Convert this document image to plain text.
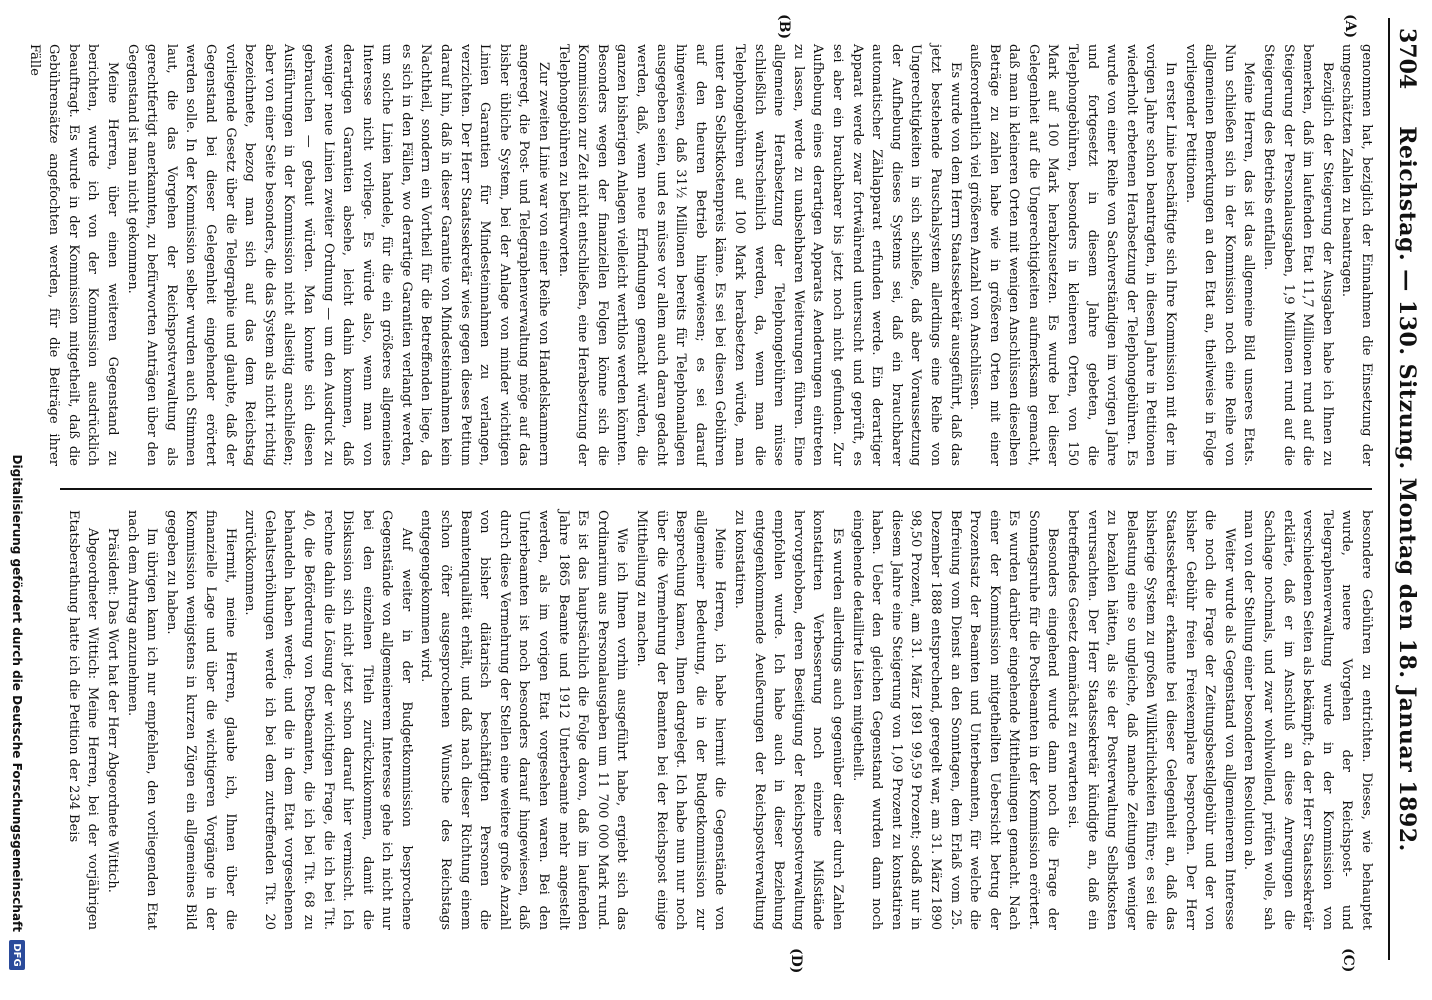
3704
Reichstag. — 130. Sitzung. Montag den 18. Januar 1892.
(A)
(B)
(C)
(D)

genommen hat, beziglich der Einnahmen die Einsetzung der umgeschätzten Zahlen zu beantragen.

Bezüglich der Steigerung der Ausgaben habe ich Ihnen zu bemerken, daß im laufenden Etat 11,7 Millionen rund auf die Steigerung der Personalausgaben, 1,9 Millionen rund auf die Steigerung des Betriebs entfallen.

Meine Herren, das ist das allgemeine Bild unseres Etats. Nun schließen sich in der Kommission noch eine Reihe von allgemeinen Bemerkungen an den Etat an, theilweise in Folge vorliegender Petitionen.

In erster Linie beschäftigte sich Ihre Kommission mit der im vorigen Jahre schon beantragten, in diesem Jahre in Petitionen wiederholt erbetenen Herabsetzung der Telephongebühren. Es wurde von einer Reihe von Sachverständigen im vorigen Jahre und fortgesetzt in diesem Jahre gebeten, die Telephongebühren, besonders in kleineren Orten, von 150 Mark auf 100 Mark herabzusetzen. Es wurde bei dieser Gelegenheit auf die Ungerechtigkeiten aufmerksam gemacht, daß man in kleineren Orten mit wenigen Anschlüssen dieselben Beträge zu zahlen habe wie in größeren Orten mit einer außerordentlich viel größeren Anzahl von Anschlüssen.

Es wurde von dem Herrn Staatssekretär ausgeführt, daß das jetzt bestehende Pauschalsystem allerdings eine Reihe von Ungerechtigkeiten in sich schließe, daß aber Voraussetzung der Aufhebung dieses Systems sei, daß ein brauchbarer automatischer Zählapparat erfunden werde. Ein derartiger Apparat werde zwar fortwährend untersucht und geprüft, es sei aber ein brauchbarer bis jetzt noch nicht gefunden. Zur Aufhebung eines derartigen Apparats Aenderungen eintreten zu lassen, werde zu unabsehbaren Weiterungen führen. Eine allgemeine Herabsetzung der Telephongebühren müsse schließlich wahrscheinlich werden, da, wenn man die Telephongebühren auf 100 Mark herabsetzen würde, man unter den Selbstkostenpreis käme. Es sei bei diesen Gebühren auf den theuren Betrieb hingewiesen; es sei darauf hingewiesen, daß 31½ Millionen bereits für Telephonanlagen ausgegeben seien, und es müsse vor allem auch daran gedacht werden, daß, wenn neue Erfindungen gemacht würden, die ganzen bisherigen Anlagen vielleicht werthlos werden könnten. Besonders wegen der finanziellen Folgen könne sich die Kommission zur Zeit nicht entschließen, eine Herabsetzung der Telephongebühren zu befürworten.

Zur zweiten Linie war von einer Reihe von Handelskammern angeregt, die Post- und Telegraphenverwaltung möge auf das bisher übliche System, bei der Anlage von minder wichtigen Linien Garantien für Mindesteinnahmen zu verlangen, verzichten. Der Herr Staatssekretär wies gegen dieses Petitum darauf hin, daß in dieser Garantie von Mindesteinnahmen kein Nachtheil, sondern ein Vortheil für die Betreffenden liege, da es sich in den Fällen, wo derartige Garantien verlangt werden, um solche Linien handele, für die ein größeres allgemeines Interesse nicht vorliege. Es würde also, wenn man von derartigen Garantien absehe, leicht dahin kommen, daß weniger neue Linien zweiter Ordnung — um den Ausdruck zu gebrauchen — gebaut würden. Man konnte sich diesen Ausführungen in der Kommission nicht allseitig anschließen; aber von einer Seite besonders, die das System als nicht richtig bezeichnete, bezog man sich auf das dem Reichstag vorliegende Gesetz über die Telegraphie und glaubte, daß der Gegenstand bei dieser Gelegenheit eingehender erörtert werden solle. In der Kommission selber wurden auch Stimmen laut, die das Vorgehen der Reichspostverwaltung als gerechtfertigt anerkannten, zu befürworten Anträgen über den Gegenstand ist man nicht gekommen.

Meine Herren, über einen weiteren Gegenstand zu berichten, wurde ich von der Kommission ausdrücklich beauftragt. Es wurde in der Kommission mitgetheilt, daß die Gebührensätze angefochten werden, für die Beiträge ihrer Fälle

besondere Gebühren zu entrichten. Dieses, wie behauptet wurde, neuere Vorgehen der Reichspost- und Telegraphenverwaltung wurde in der Kommission von verschiedenen Seiten als bekämpft; da der Herr Staatssekretär erklärte, daß er im Anschluß an diese Anregungen die Sachlage nochmals, und zwar wohlwollend, prüfen wolle, sah man von der Stellung einer besonderen Resolution ab.

Weiter wurde als Gegenstand von allgemeinerem Interesse die noch die Frage der Zeitungsbestellgebühr und der von bisher Gebühr freien Freiexemplare besprochen. Der Herr Staatssekretär erkannte bei dieser Gelegenheit an, daß das bisherige System zu großen Willkürlichkeiten führe; es sei die Belastung eine so ungleiche, daß manche Zeitungen weniger zu bezahlen hätten, als sie der Postverwaltung Selbstkosten verursachten. Der Herr Staatssekretär kündigte an, daß ein betreffendes Gesetz demnächst zu erwarten sei.

Besonders eingehend wurde dann noch die Frage der Sonntagsruhe für die Postbeamten in der Kommission erörtert. Es wurden darüber eingehende Mittheilungen gemacht. Nach einer der Kommission mitgetheilten Uebersicht betrug der Prozentsatz der Beamten und Unterbeamten, für welche die Befreiung vom Dienst an den Sonntagen, dem Erlaß vom 25. Dezember 1888 entsprechend, geregelt war, am 31. März 1890 98,50 Prozent, am 31. März 1891 99,59 Prozent; sodaß nur in diesem Jahre eine Steigerung von 1,09 Prozent zu konstatiren haben. Ueber den gleichen Gegenstand wurden dann noch eingehende detaillirte Listen mitgetheilt.

Es wurden allerdings auch gegenüber dieser durch Zahlen konstatirten Verbesserung noch einzelne Mißstände hervorgehoben, deren Beseitigung der Reichspostverwaltung empfohlen wurde. Ich habe auch in dieser Beziehung entgegenkommende Aeußerungen der Reichspostverwaltung zu konstatiren.

Meine Herren, ich habe hiermit die Gegenstände von allgemeiner Bedeutung, die in der Budgetkommission zur Besprechung kamen, Ihnen dargelegt. Ich habe nun nur noch über die Vermehrung der Beamten bei der Reichspost einige Mittheilung zu machen.

Wie ich Ihnen vorhin ausgeführt habe, ergiebt sich das Ordinarium aus Personalausgaben um 11 700 000 Mark rund. Es ist das hauptsächlich die Folge davon, daß im laufenden Jahre 1865 Beamte und 1912 Unterbeamte mehr angestellt werden, als im vorigen Etat vorgesehen waren. Bei den Unterbeamten ist noch besonders darauf hingewiesen, daß durch diese Vermehrung der Stellen eine weitere große Anzahl von bisher diätarisch beschäftigten Personen die Beamtenqualität erhält, und daß nach dieser Richtung einem schon öfter ausgesprochenen Wunsche des Reichstags entgegengekommen wird.

Auf weiter in der Budgetkommission besprochene Gegenstände von allgemeinerem Interesse gehe ich nicht nur bei den einzelnen Titeln zurückzukommen, damit die Diskussion sich nicht jetzt schon darauf hier vermischt. Ich rechne dahin die Lösung der wichtigen Frage, die ich bei Tit. 40, die Beförderung von Postbeamten, die ich bei Tit. 68 zu behandeln haben werde; und die in dem Etat vorgesehenen Gehaltserhöhungen werde ich bei dem zutreffenden Tit. 20 zurückkommen.

Hiermit, meine Herren, glaube ich, Ihnen über die finanzielle Lage und über die wichtigeren Vorgänge in der Kommission wenigstens in kurzen Zügen ein allgemeines Bild gegeben zu haben.

Im übrigen kann ich nur empfehlen, den vorliegenden Etat nach dem Antrag anzunehmen.

Präsident: Das Wort hat der Herr Abgeordnete Wittich.

Abgeordneter Wittich: Meine Herren, bei der vorjährigen Etatsberathung hatte ich die Petition der 234 Beis

Digitalisierung gefördert durch die Deutsche Forschungsgemeinschaft
DFG
